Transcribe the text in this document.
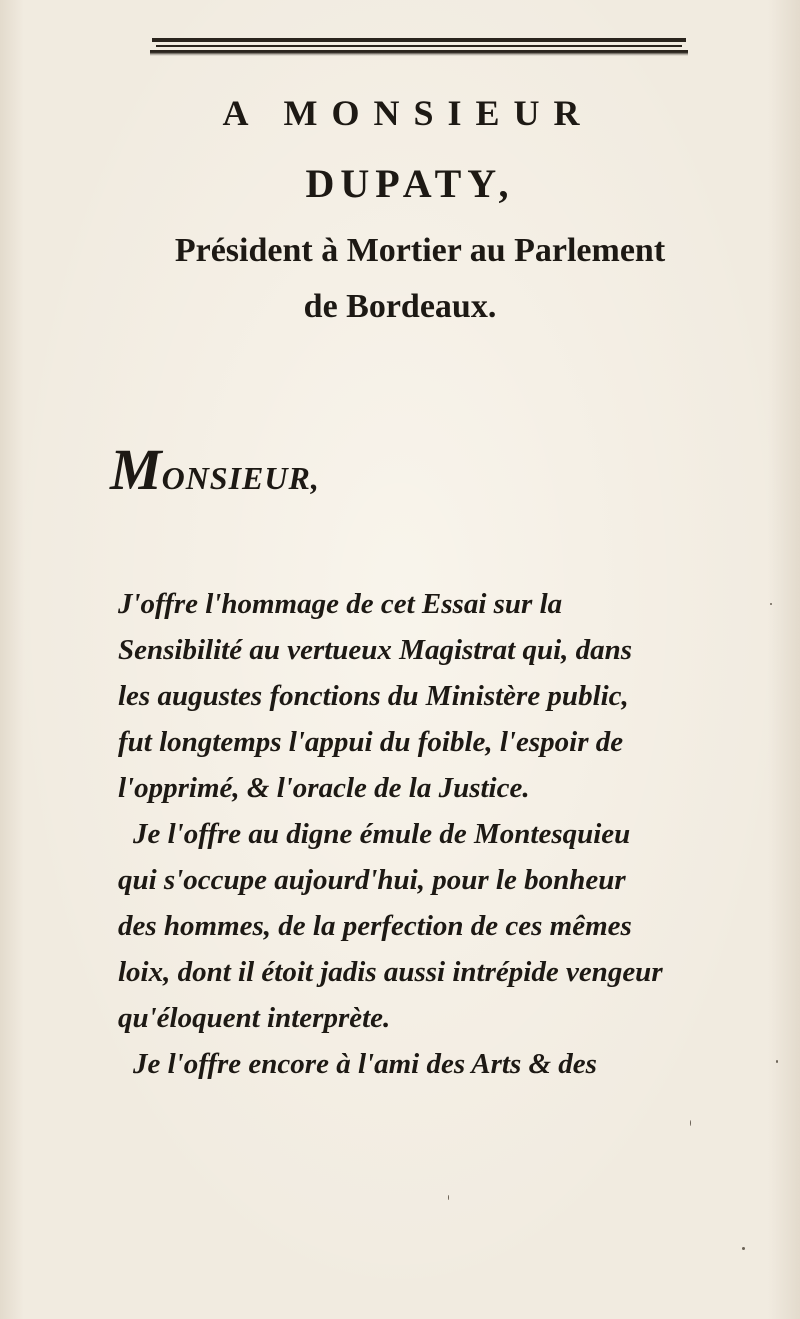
A MONSIEUR
DUPATY,
Président à Mortier au Parlement
de Bordeaux.
MONSIEUR,
J'offre l'hommage de cet Essai sur la
Sensibilité au vertueux Magistrat qui, dans
les augustes fonctions du Ministère public,
fut longtemps l'appui du foible, l'espoir de
l'opprimé, & l'oracle de la Justice.
Je l'offre au digne émule de Montesquieu
qui s'occupe aujourd'hui, pour le bonheur
des hommes, de la perfection de ces mêmes
loix, dont il étoit jadis aussi intrépide vengeur
qu'éloquent interprète.
Je l'offre encore à l'ami des Arts & des
